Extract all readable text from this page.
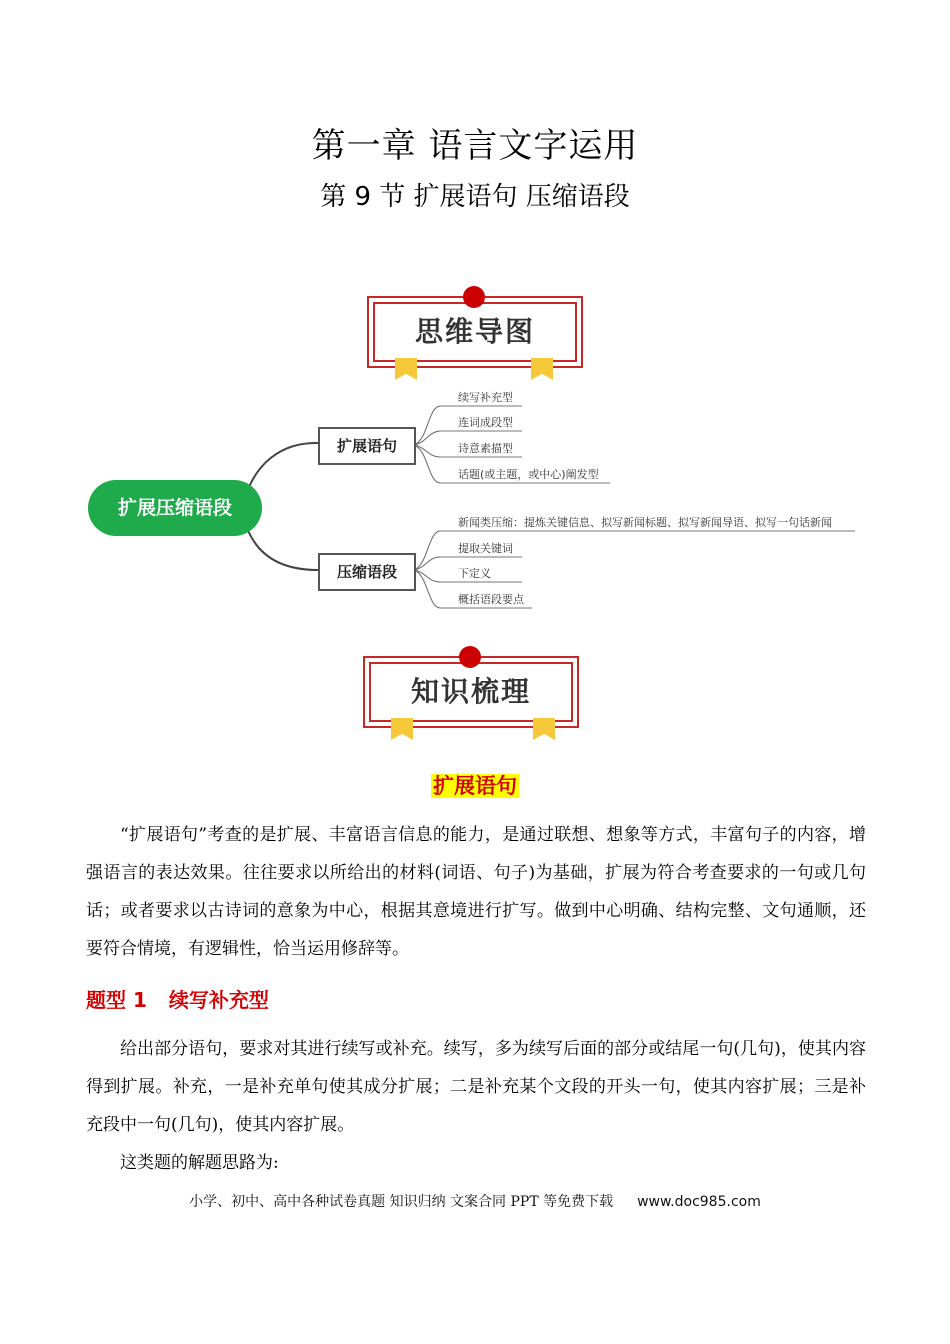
第一章 语言文字运用
第 9 节 扩展语句 压缩语段
思维导图
扩展压缩语段
扩展语句
压缩语段
续写补充型
连词成段型
诗意素描型
话题(或主题，或中心)阐发型
新闻类压缩：提炼关键信息、拟写新闻标题、拟写新闻导语、拟写一句话新闻
提取关键词
下定义
概括语段要点
知识梳理
扩展语句
“扩展语句”考查的是扩展、丰富语言信息的能力，是通过联想、想象等方式，丰富句子的内容，增强语言的表达效果。往往要求以所给出的材料(词语、句子)为基础，扩展为符合考查要求的一句或几句话；或者要求以古诗词的意象为中心，根据其意境进行扩写。做到中心明确、结构完整、文句通顺，还要符合情境，有逻辑性，恰当运用修辞等。
题型 1 续写补充型
给出部分语句，要求对其进行续写或补充。续写，多为续写后面的部分或结尾一句(几句)，使其内容得到扩展。补充，一是补充单句使其成分扩展；二是补充某个文段的开头一句，使其内容扩展；三是补充段中一句(几句)，使其内容扩展。
这类题的解题思路为:
小学、初中、高中各种试卷真题 知识归纳 文案合同 PPT 等免费下载 www.doc985.com
